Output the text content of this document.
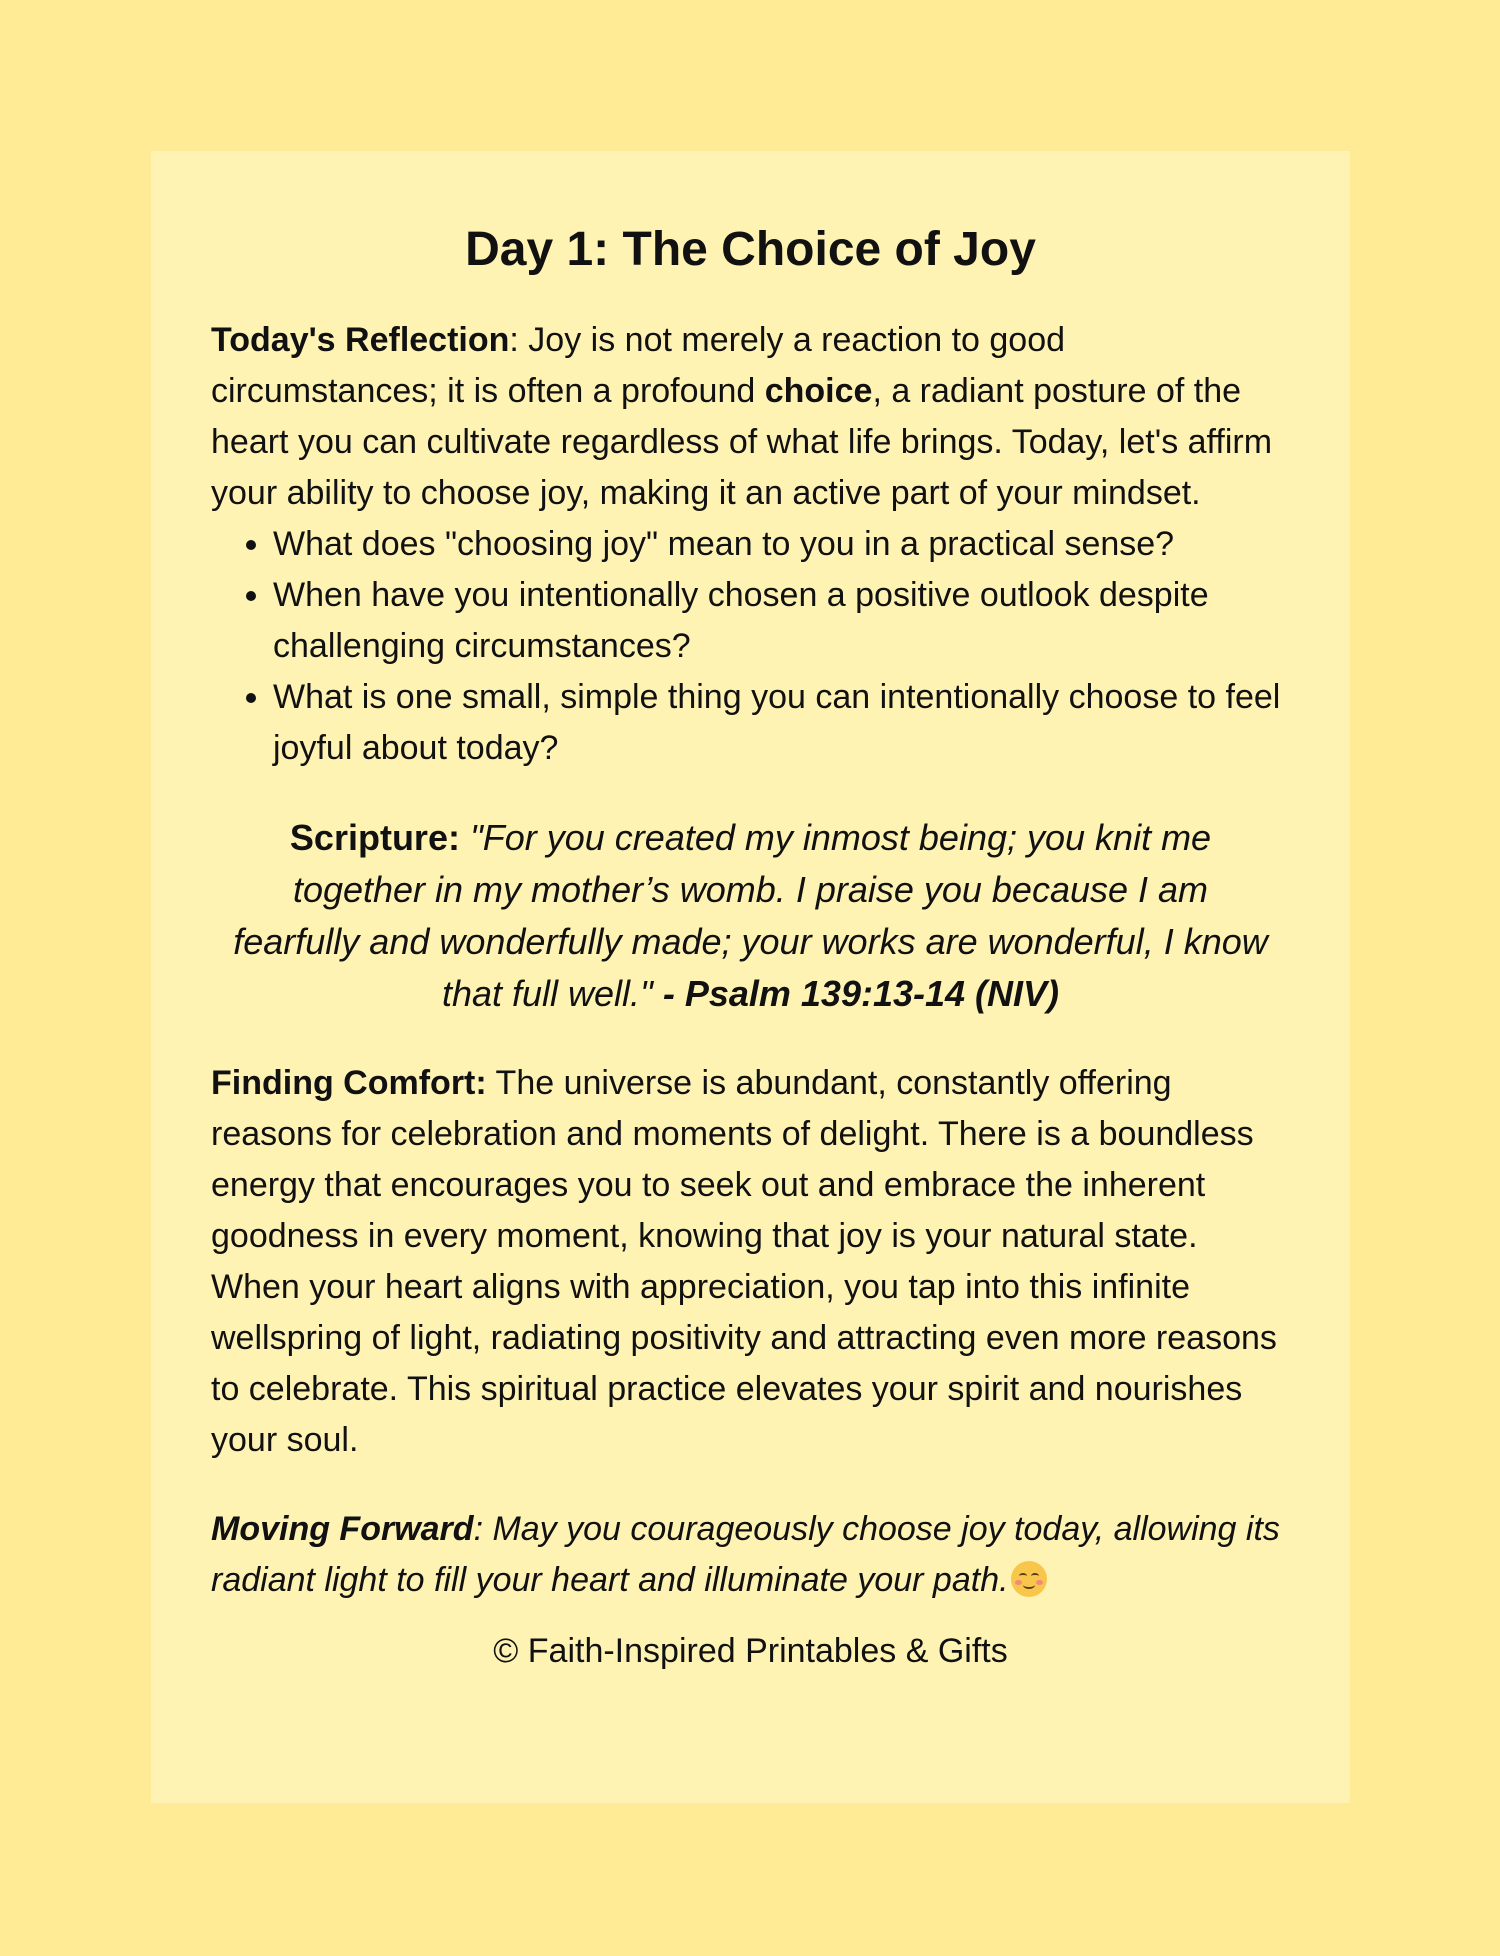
Day 1: The Choice of Joy

Today's Reflection: Joy is not merely a reaction to good circumstances; it is often a profound choice, a radiant posture of the heart you can cultivate regardless of what life brings. Today, let's affirm your ability to choose joy, making it an active part of your mindset.

• What does "choosing joy" mean to you in a practical sense?
• When have you intentionally chosen a positive outlook despite challenging circumstances?
• What is one small, simple thing you can intentionally choose to feel joyful about today?

Scripture: "For you created my inmost being; you knit me together in my mother’s womb. I praise you because I am fearfully and wonderfully made; your works are wonderful, I know that full well." - Psalm 139:13-14 (NIV)

Finding Comfort: The universe is abundant, constantly offering reasons for celebration and moments of delight. There is a boundless energy that encourages you to seek out and embrace the inherent goodness in every moment, knowing that joy is your natural state. When your heart aligns with appreciation, you tap into this infinite wellspring of light, radiating positivity and attracting even more reasons to celebrate. This spiritual practice elevates your spirit and nourishes your soul.

Moving Forward: May you courageously choose joy today, allowing its radiant light to fill your heart and illuminate your path.

© Faith-Inspired Printables & Gifts
